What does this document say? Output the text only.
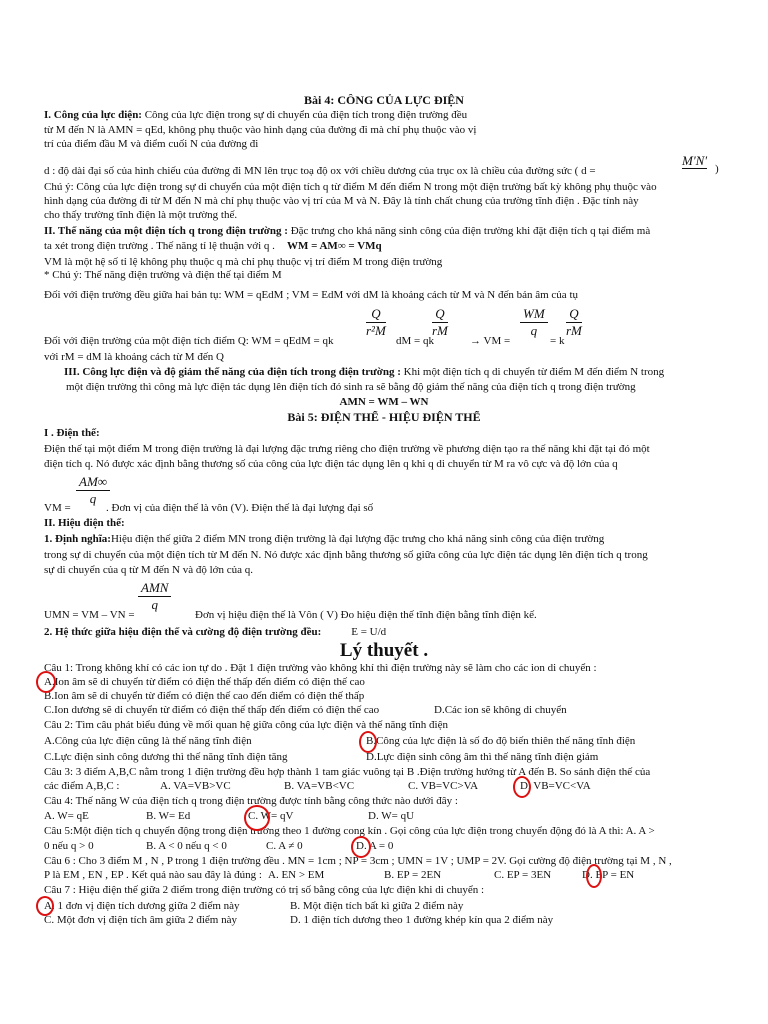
Bài 4: CÔNG CỦA LỰC ĐIỆN
I. Công của lực điện: Công của lực điện trong sự di chuyển của điện tích trong điện trường đều
từ M đến N là AMN = qEd, không phụ thuộc vào hình dạng của đường đi mà chỉ phụ thuộc vào vị
trí của điểm đầu M và điểm cuối N của đường đi
d : độ dài đại số của hình chiếu của đường đi MN lên trục toạ độ ox với chiều dương của trục ox là chiều của đường sức ( d =
M'N'
)
Chú ý: Công của lực điện trong sự di chuyển của một điện tích q từ điểm M đến điểm N trong một điện trường bất kỳ không phụ thuộc vào
hình dạng của đường đi từ M đến N mà chỉ phụ thuộc vào vị trí của M và N. Đây là tính chất chung của trường tĩnh điện . Đặc tính này
cho thấy trường tĩnh điện là một trường thế.
II. Thế năng của một điện tích q trong điện trường : Đặc trưng cho khả năng sinh công của điện trường khi đặt điện tích q tại điểm mà
ta xét trong điện trường . Thế năng tỉ lệ thuận với q . WM = AM∞ = VMq
VM là một hệ số tỉ lệ không phụ thuộc q mà chỉ phụ thuộc vị trí điểm M trong điện trường
* Chú ý: Thế năng điện trường và điện thế tại điểm M
Đối với điện trường đều giữa hai bản tụ: WM = qEdM ; VM = EdM với dM là khoảng cách từ M và N đến bản âm của tụ
Đối với điện trường của một điện tích điểm Q: WM = qEdM = qk
$\frac{Q}{\text{r²M}}$
dM = qk
$\frac{Q}{rM}$
→ VM =
$\frac{WM}{q}$
= k
$\frac{Q}{rM}$
với rM = dM là khoảng cách từ M đến Q
III. Công lực điện và độ giảm thế năng của điện tích trong điện trường : Khi một điện tích q di chuyển từ điểm M đến điểm N trong
một điện trường thì công mà lực điện tác dụng lên điện tích đó sinh ra sẽ bằng độ giảm thế năng của điện tích q trong điện trường
AMN = WM – WN
Bài 5: ĐIỆN THẾ - HIỆU ĐIỆN THẾ
I . Điện thế:
Điện thế tại một điểm M trong điện trường là đại lượng đặc trưng riêng cho điện trường về phương diện tạo ra thế năng khi đặt tại đó một
điện tích q. Nó được xác định bằng thương số của công của lực điện tác dụng lên q khi q di chuyển từ M ra vô cực và độ lớn của q
$\frac{AM\infty}{q}$
VM =	. Đơn vị của điện thế là vôn (V). Điện thế là đại lượng đại số
II. Hiệu điện thế:
1. Định nghĩa:Hiệu điện thế giữa 2 điểm MN trong điện trường là đại lượng đặc trưng cho khả năng sinh công của điện trường
trong sự di chuyển của một điện tích từ M đến N. Nó được xác định bằng thương số giữa công của lực điện tác dụng lên điện tích q trong
sự di chuyển của q từ M đến N và độ lớn của q.
AMN
q
UMN = VM – VN =	Đơn vị hiệu điện thế là Vôn ( V) Đo hiệu điện thế tĩnh điện bằng tĩnh điện kế.
2. Hệ thức giữa hiệu điện thế và cường độ điện trường đều:	E = U/d
Lý thuyết .
Câu 1: Trong không khí có các ion tự do . Đặt 1 điện trường vào không khí thì điện trường này sẽ làm cho các ion di chuyển :
A.Ion âm sẽ di chuyển từ điểm có điện thế thấp đến điểm có điện thế cao
B.Ion âm sẽ di chuyển từ điểm có điện thế cao đến điểm có điện thế thấp
C.Ion dương sẽ di chuyển từ điểm có điện thế thấp đến điểm có điện thế cao	D.Các ion sẽ không di chuyển
Câu 2: Tìm câu phát biểu đúng về mối quan hệ giữa công của lực điện và thế năng tĩnh điện
A.Công của lực điện cũng là thế năng tĩnh điện	B.Công của lực điện là số đo độ biến thiên thế năng tĩnh điện
C.Lực điện sinh công dương thì thế năng tĩnh điện tăng	D.Lực điện sinh công âm thì thế năng tĩnh điện giảm
Câu 3: 3 điểm A,B,C nằm trong 1 điện trường đều hợp thành 1 tam giác vuông tại B .Điện trường hướng từ A đến B. So sánh điện thế của
các điểm A,B,C :	A. VA=VB>VC	B. VA=VB<VC	C. VB=VC>VA	D. VB=VC<VA
Câu 4: Thế năng W của điện tích q trong điện trường được tính bằng công thức nào dưới đây :
A. W= qE	B. W= Ed	C. W= qV	D. W= qU
Câu 5:Một điện tích q chuyển động trong điện trường theo 1 đường cong kín . Gọi công của lực điện trong chuyển động đó là A thì: A. A >
0 nếu q > 0	B. A < 0 nếu q < 0	C. A ≠ 0	D. A = 0
Câu 6 : Cho 3 điểm M , N , P trong 1 điện trường đều . MN = 1cm ; NP = 3cm ; UMN = 1V ; UMP = 2V. Gọi cường độ điện trường tại M , N ,
P là EM , EN , EP . Kết quả nào sau đây là đúng : A. EN > EM	B. EP = 2EN	C. EP = 3EN	D. EP = EN
Câu 7 : Hiệu điện thế giữa 2 điểm trong điện trường có trị số bằng công của lực điện khi di chuyển :
A. 1 đơn vị điện tích dương giữa 2 điểm này	B. Một điện tích bất kì giữa 2 điểm này
C. Một đơn vị điện tích âm giữa 2 điểm này	D. 1 điện tích dương theo 1 đường khép kín qua 2 điểm này
